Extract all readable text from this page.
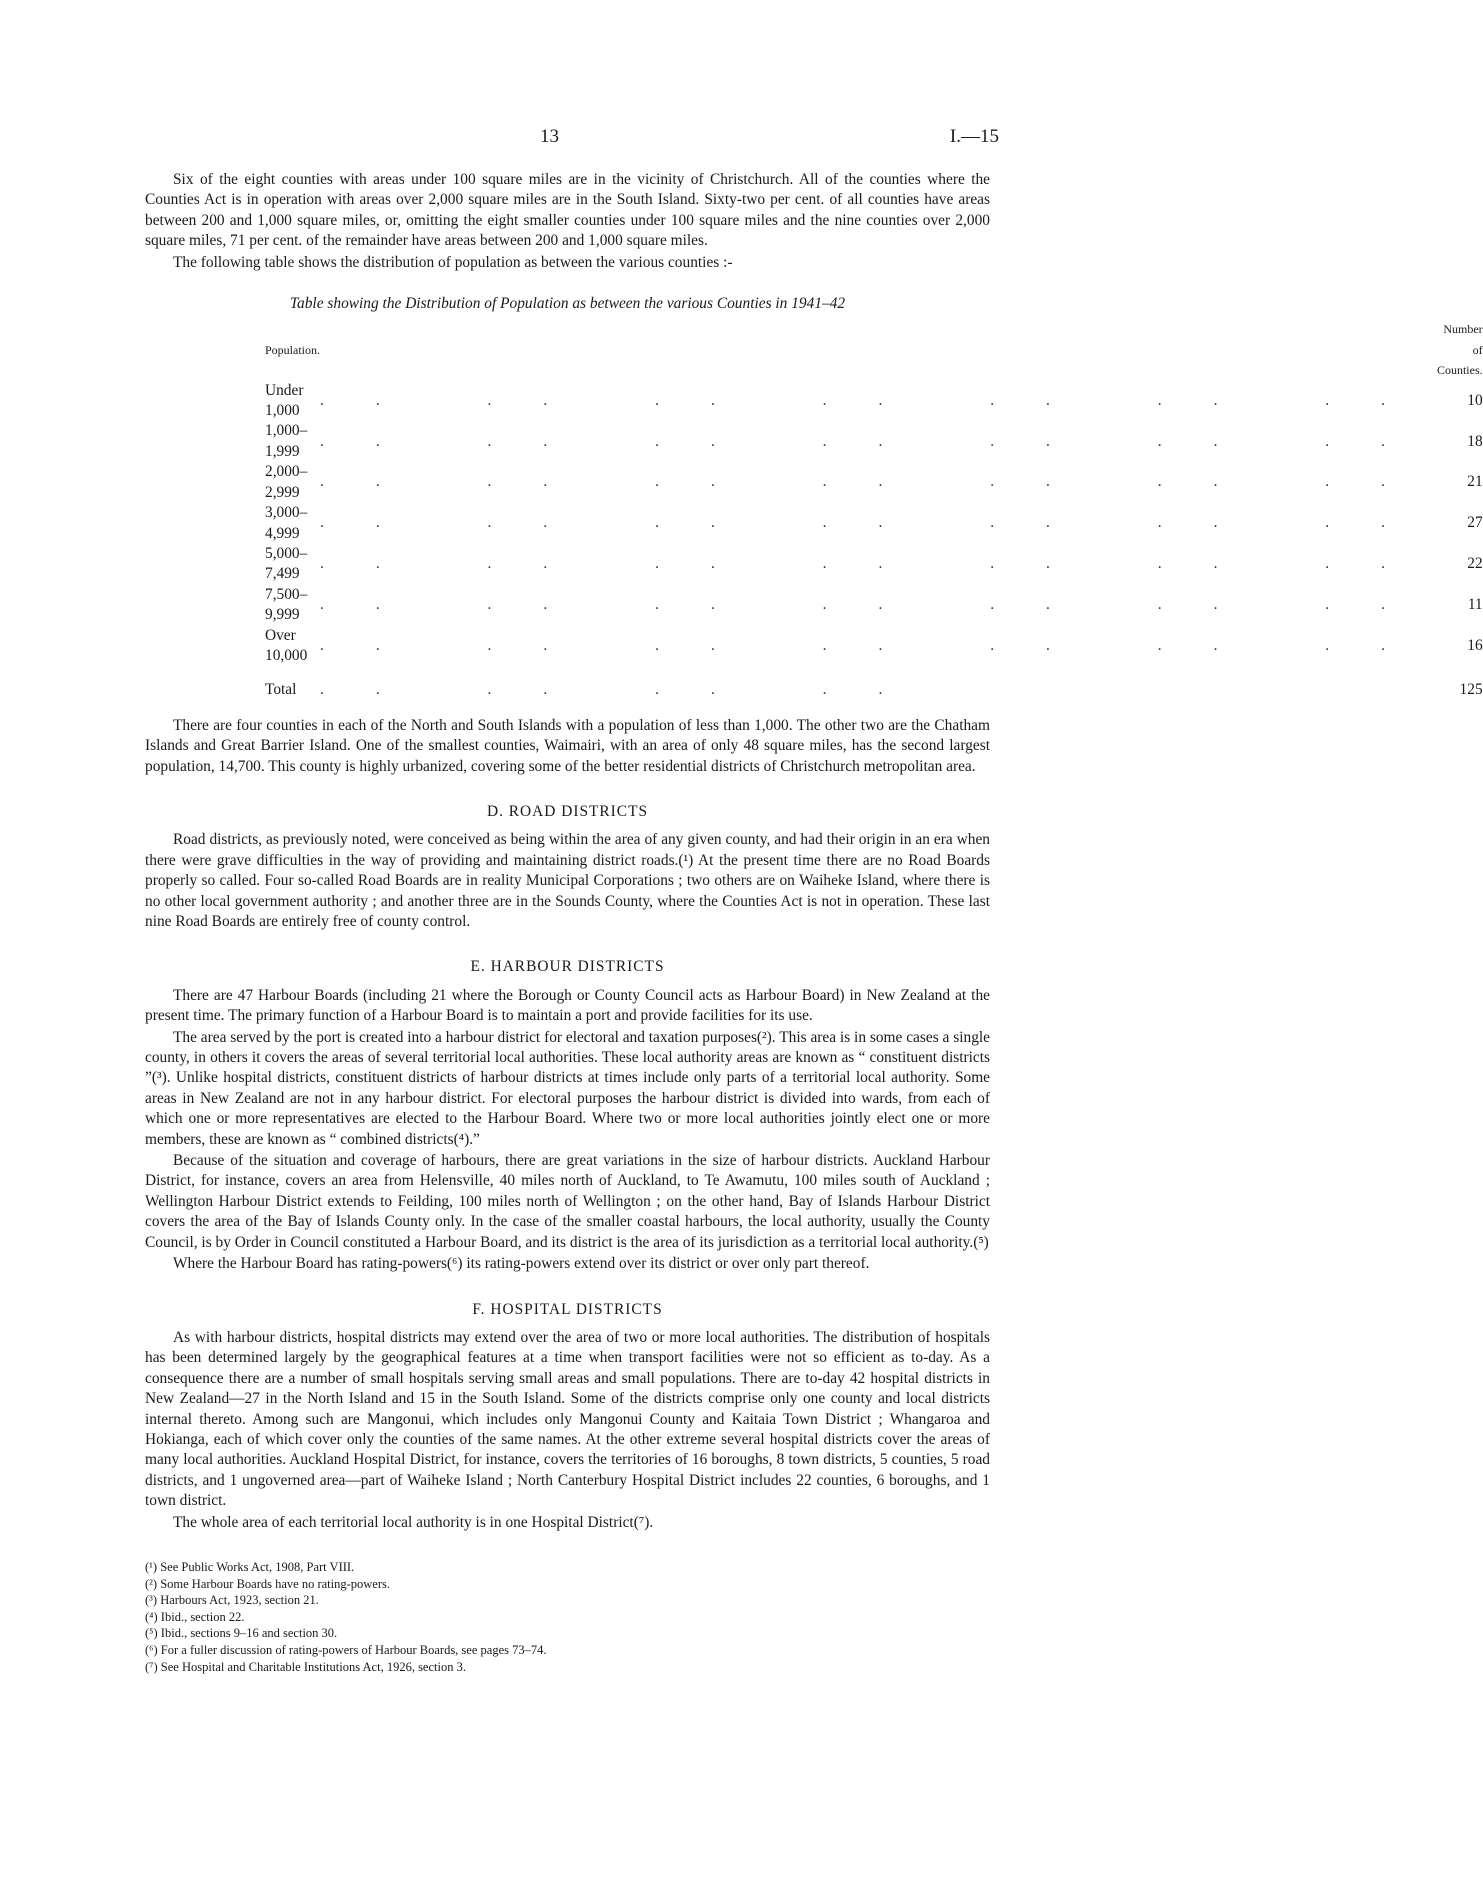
13	I.—15

Six of the eight counties with areas under 100 square miles are in the vicinity of Christchurch. All of the counties where the Counties Act is in operation with areas over 2,000 square miles are in the South Island. Sixty-two per cent. of all counties have areas between 200 and 1,000 square miles, or, omitting the eight smaller counties under 100 square miles and the nine counties over 2,000 square miles, 71 per cent. of the remainder have areas between 200 and 1,000 square miles.

The following table shows the distribution of population as between the various counties :-

Table showing the Distribution of Population as between the various Counties in 1941–42
Population.		Number of Counties.
Under 1,000	.. .. .. .. .. .. ..	10
1,000–1,999	.. .. .. .. .. .. ..	18
2,000–2,999	.. .. .. .. .. .. ..	21
3,000–4,999	.. .. .. .. .. .. ..	27
5,000–7,499	.. .. .. .. .. .. ..	22
7,500–9,999	.. .. .. .. .. .. ..	11
Over 10,000	.. .. .. .. .. .. ..	16
Total	.. .. .. ..	125

There are four counties in each of the North and South Islands with a population of less than 1,000. The other two are the Chatham Islands and Great Barrier Island. One of the smallest counties, Waimairi, with an area of only 48 square miles, has the second largest population, 14,700. This county is highly urbanized, covering some of the better residential districts of Christchurch metropolitan area.

D. ROAD DISTRICTS

Road districts, as previously noted, were conceived as being within the area of any given county, and had their origin in an era when there were grave difficulties in the way of providing and maintaining district roads.(¹) At the present time there are no Road Boards properly so called. Four so-called Road Boards are in reality Municipal Corporations ; two others are on Waiheke Island, where there is no other local government authority ; and another three are in the Sounds County, where the Counties Act is not in operation. These last nine Road Boards are entirely free of county control.

E. HARBOUR DISTRICTS

There are 47 Harbour Boards (including 21 where the Borough or County Council acts as Harbour Board) in New Zealand at the present time. The primary function of a Harbour Board is to maintain a port and provide facilities for its use.

The area served by the port is created into a harbour district for electoral and taxation purposes(²). This area is in some cases a single county, in others it covers the areas of several territorial local authorities. These local authority areas are known as “ constituent districts ”(³). Unlike hospital districts, constituent districts of harbour districts at times include only parts of a territorial local authority. Some areas in New Zealand are not in any harbour district. For electoral purposes the harbour district is divided into wards, from each of which one or more representatives are elected to the Harbour Board. Where two or more local authorities jointly elect one or more members, these are known as “ combined districts(⁴).”

Because of the situation and coverage of harbours, there are great variations in the size of harbour districts. Auckland Harbour District, for instance, covers an area from Helensville, 40 miles north of Auckland, to Te Awamutu, 100 miles south of Auckland ; Wellington Harbour District extends to Feilding, 100 miles north of Wellington ; on the other hand, Bay of Islands Harbour District covers the area of the Bay of Islands County only. In the case of the smaller coastal harbours, the local authority, usually the County Council, is by Order in Council constituted a Harbour Board, and its district is the area of its jurisdiction as a territorial local authority.(⁵)

Where the Harbour Board has rating-powers(⁶) its rating-powers extend over its district or over only part thereof.

F. HOSPITAL DISTRICTS

As with harbour districts, hospital districts may extend over the area of two or more local authorities. The distribution of hospitals has been determined largely by the geographical features at a time when transport facilities were not so efficient as to-day. As a consequence there are a number of small hospitals serving small areas and small populations. There are to-day 42 hospital districts in New Zealand—27 in the North Island and 15 in the South Island. Some of the districts comprise only one county and local districts internal thereto. Among such are Mangonui, which includes only Mangonui County and Kaitaia Town District ; Whangaroa and Hokianga, each of which cover only the counties of the same names. At the other extreme several hospital districts cover the areas of many local authorities. Auckland Hospital District, for instance, covers the territories of 16 boroughs, 8 town districts, 5 counties, 5 road districts, and 1 ungoverned area—part of Waiheke Island ; North Canterbury Hospital District includes 22 counties, 6 boroughs, and 1 town district.

The whole area of each territorial local authority is in one Hospital District(⁷).

(¹) See Public Works Act, 1908, Part VIII.

(²) Some Harbour Boards have no rating-powers.

(³) Harbours Act, 1923, section 21.

(⁴) Ibid., section 22.

(⁵) Ibid., sections 9–16 and section 30.

(⁶) For a fuller discussion of rating-powers of Harbour Boards, see pages 73–74.

(⁷) See Hospital and Charitable Institutions Act, 1926, section 3.
